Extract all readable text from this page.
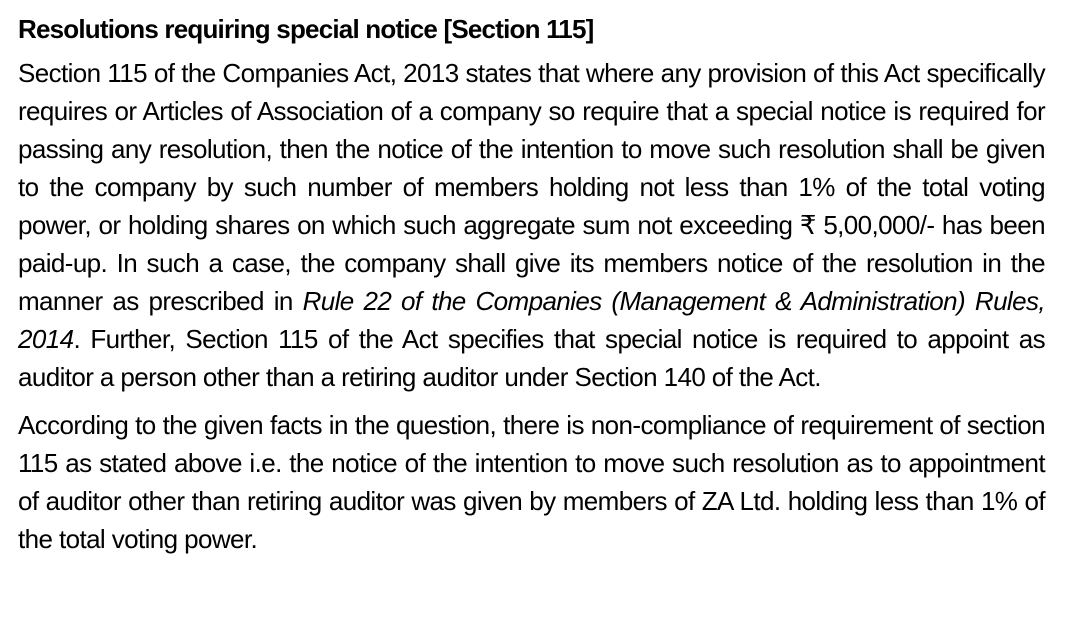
Resolutions requiring special notice [Section 115]

Section 115 of the Companies Act, 2013 states that where any provision of this Act specifically requires or Articles of Association of a company so require that a special notice is required for passing any resolution, then the notice of the intention to move such resolution shall be given to the company by such number of members holding not less than 1% of the total voting power, or holding shares on which such aggregate sum not exceeding ₹ 5,00,000/- has been paid-up. In such a case, the company shall give its members notice of the resolution in the manner as prescribed in Rule 22 of the Companies (Management & Administration) Rules, 2014. Further, Section 115 of the Act specifies that special notice is required to appoint as auditor a person other than a retiring auditor under Section 140 of the Act.

According to the given facts in the question, there is non-compliance of requirement of section 115 as stated above i.e. the notice of the intention to move such resolution as to appointment of auditor other than retiring auditor was given by members of ZA Ltd. holding less than 1% of the total voting power.
